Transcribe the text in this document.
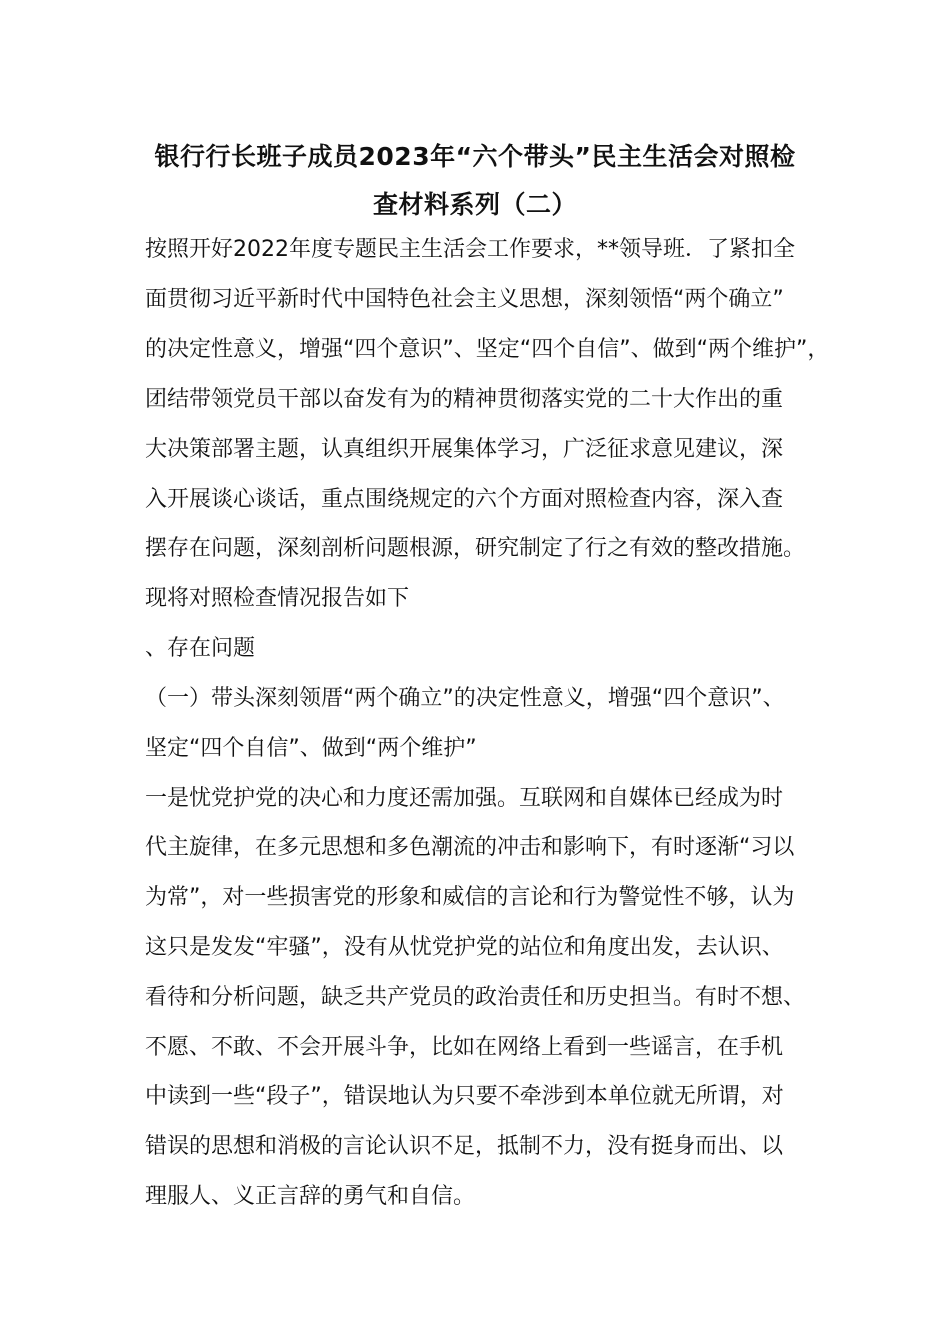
银行行长班子成员2023年“六个带头”民主生活会对照检
查材料系列（二）

按照开好2022年度专题民主生活会工作要求，**领导班．了紧扣全

面贯彻习近平新时代中国特色社会主义思想，深刻领悟“两个确立”

的决定性意义，增强“四个意识”、坚定“四个自信”、做到“两个维护”，

团结带领党员干部以奋发有为的精神贯彻落实党的二十大作出的重

大决策部署主题，认真组织开展集体学习，广泛征求意见建议，深

入开展谈心谈话，重点围绕规定的六个方面对照检查内容，深入查

摆存在问题，深刻剖析问题根源，研究制定了行之有效的整改措施。

现将对照检查情况报告如下

、存在问题

（一）带头深刻领厝“两个确立”的决定性意义，增强“四个意识”、

坚定“四个自信”、做到“两个维护”

一是忧党护党的决心和力度还需加强。互联网和自媒体已经成为时

代主旋律，在多元思想和多色潮流的冲击和影响下，有时逐渐“习以

为常”，对一些损害党的形象和威信的言论和行为警觉性不够，认为

这只是发发“牢骚”，没有从忧党护党的站位和角度出发，去认识、

看待和分析问题，缺乏共产党员的政治责任和历史担当。有时不想、

不愿、不敢、不会开展斗争，比如在网络上看到一些谣言，在手机

中读到一些“段子”，错误地认为只要不牵涉到本单位就无所谓，对

错误的思想和消极的言论认识不足，抵制不力，没有挺身而出、以

理服人、义正言辞的勇气和自信。
